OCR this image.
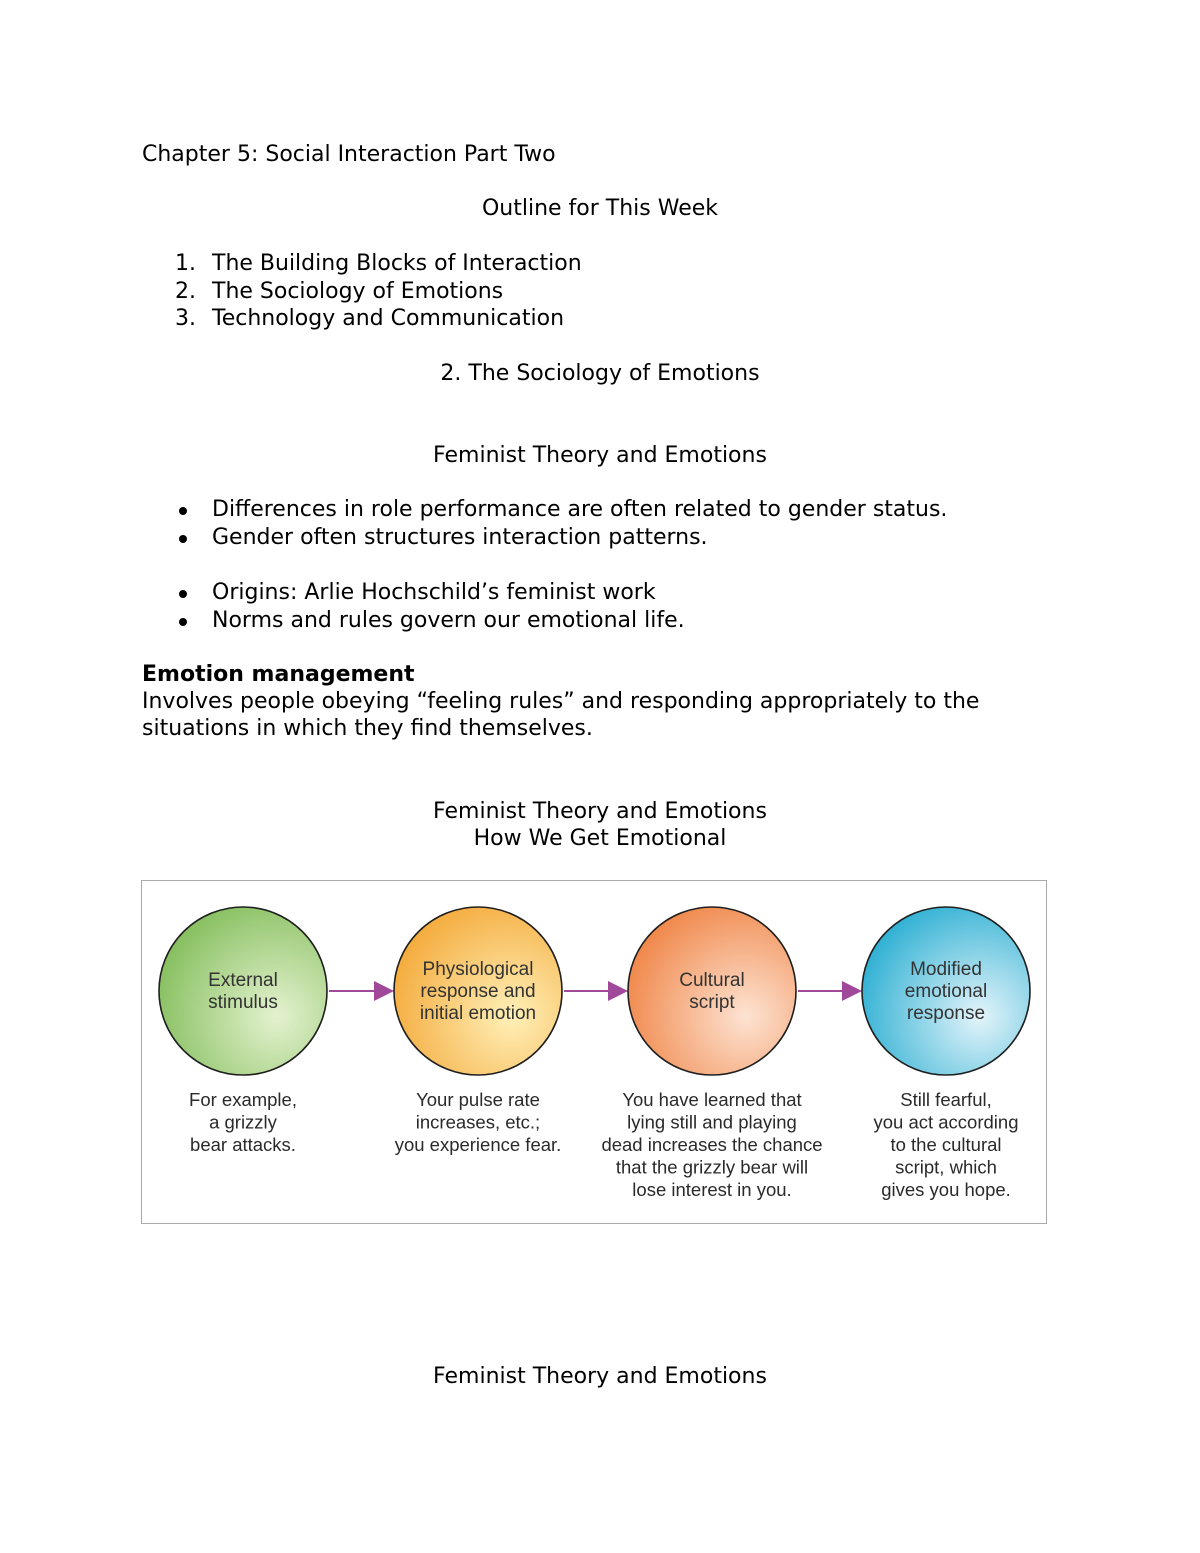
Chapter 5: Social Interaction Part Two
Outline for This Week
1. The Building Blocks of Interaction
2. The Sociology of Emotions
3. Technology and Communication
2. The Sociology of Emotions
Feminist Theory and Emotions
Differences in role performance are often related to gender status.
Gender often structures interaction patterns.
Origins: Arlie Hochschild’s feminist work
Norms and rules govern our emotional life.
Emotion management
Involves people obeying “feeling rules” and responding appropriately to the situations in which they find themselves.
Feminist Theory and Emotions
How We Get Emotional
External
stimulus
For example,
a grizzly
bear attacks.
Physiological
response and
initial emotion
Your pulse rate
increases, etc.;
you experience fear.
Cultural
script
You have learned that
lying still and playing
dead increases the chance
that the grizzly bear will
lose interest in you.
Modified
emotional
response
Still fearful,
you act according
to the cultural
script, which
gives you hope.
Feminist Theory and Emotions
